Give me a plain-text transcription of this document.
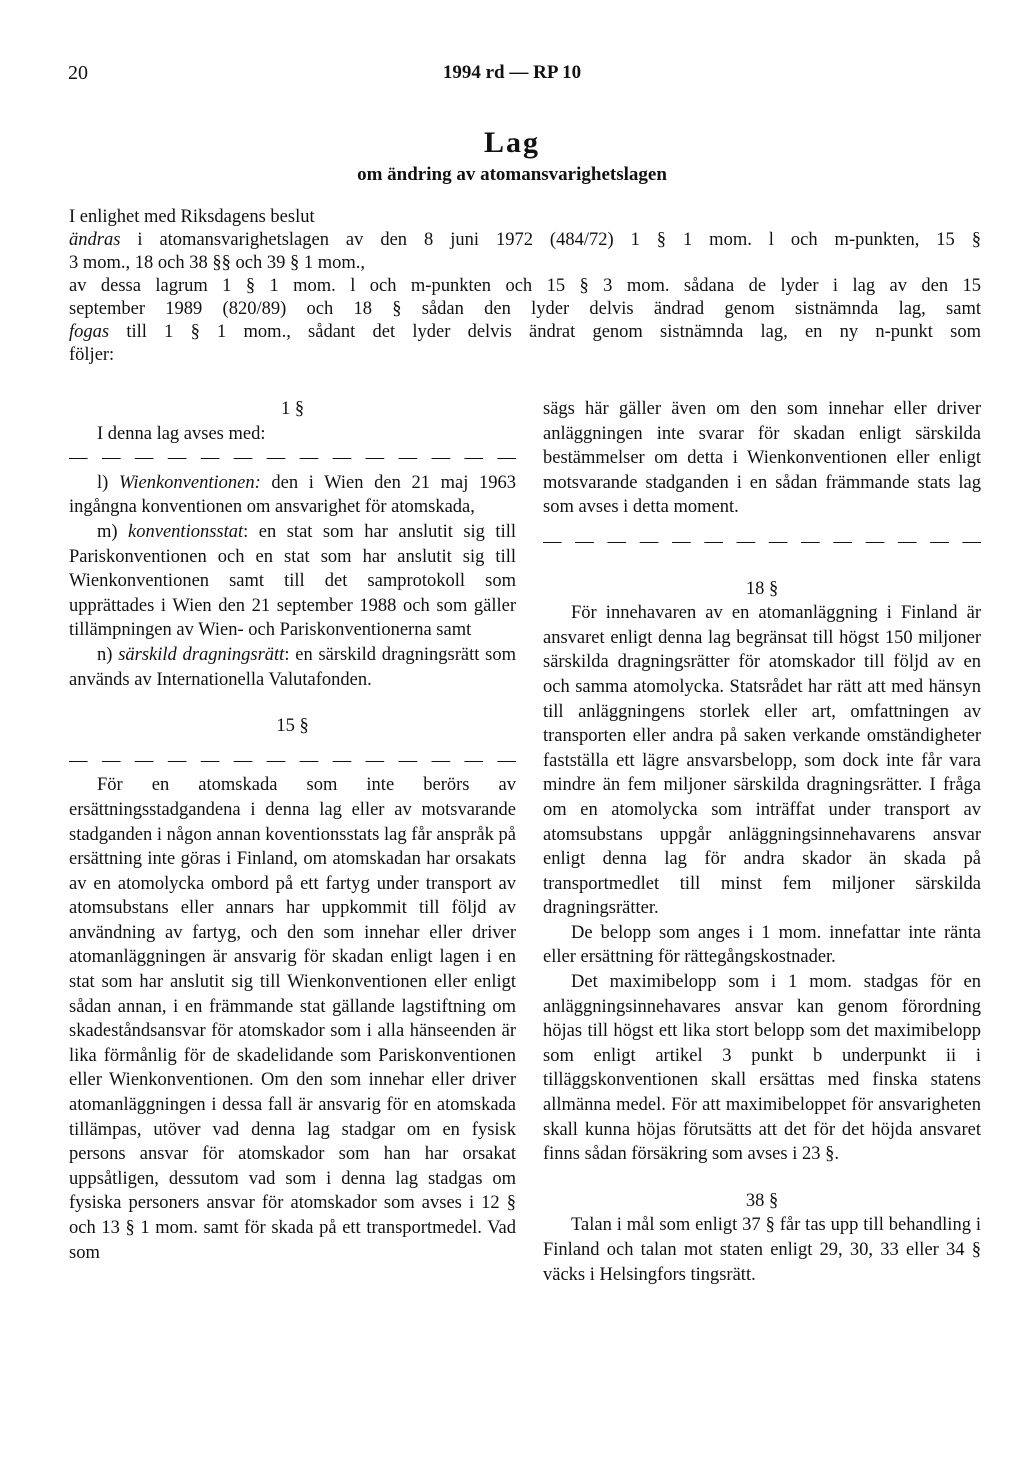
20	1994 rd — RP 10
Lag
om ändring av atomansvarighetslagen
I enlighet med Riksdagens beslut
ändras i atomansvarighetslagen av den 8 juni 1972 (484/72) 1 § 1 mom. l och m-punkten, 15 §
3 mom., 18 och 38 §§ och 39 § 1 mom.,
av dessa lagrum 1 § 1 mom. l och m-punkten och 15 § 3 mom. sådana de lyder i lag av den 15
september 1989 (820/89) och 18 § sådan den lyder delvis ändrad genom sistnämnda lag, samt
fogas till 1 § 1 mom., sådant det lyder delvis ändrat genom sistnämnda lag, en ny n-punkt som
följer:
1 §

I denna lag avses med:

— — — — — — — — — — — — — —

l) Wienkonventionen: den i Wien den 21 maj 1963 ingångna konventionen om ansvarighet för atomskada,

m) konventionsstat: en stat som har anslutit sig till Pariskonventionen och en stat som har anslutit sig till Wienkonventionen samt till det samprotokoll som upprättades i Wien den 21 september 1988 och som gäller tillämpningen av Wien- och Pariskonventionerna samt

n) särskild dragningsrätt: en särskild dragningsrätt som används av Internationella Valutafonden.

15 §
— — — — — — — — — — — — — —

För en atomskada som inte berörs av ersättningsstadgandena i denna lag eller av motsvarande stadganden i någon annan koventionsstats lag får anspråk på ersättning inte göras i Finland, om atomskadan har orsakats av en atomolycka ombord på ett fartyg under transport av atomsubstans eller annars har uppkommit till följd av användning av fartyg, och den som innehar eller driver atomanläggningen är ansvarig för skadan enligt lagen i en stat som har anslutit sig till Wienkonventionen eller enligt sådan annan, i en främmande stat gällande lagstiftning om skadeståndsansvar för atomskador som i alla hänseenden är lika förmånlig för de skadelidande som Pariskonventionen eller Wienkonventionen. Om den som innehar eller driver atomanläggningen i dessa fall är ansvarig för en atomskada tillämpas, utöver vad denna lag stadgar om en fysisk persons ansvar för atomskador som han har orsakat uppsåtligen, dessutom vad som i denna lag stadgas om fysiska personers ansvar för atomskador som avses i 12 § och 13 § 1 mom. samt för skada på ett transportmedel. Vad som

sägs här gäller även om den som innehar eller driver anläggningen inte svarar för skadan enligt särskilda bestämmelser om detta i Wienkonventionen eller enligt motsvarande stadganden i en sådan främmande stats lag som avses i detta moment.

— — — — — — — — — — — — — —
18 §

För innehavaren av en atomanläggning i Finland är ansvaret enligt denna lag begränsat till högst 150 miljoner särskilda dragningsrätter för atomskador till följd av en och samma atomolycka. Statsrådet har rätt att med hänsyn till anläggningens storlek eller art, omfattningen av transporten eller andra på saken verkande omständigheter fastställa ett lägre ansvarsbelopp, som dock inte får vara mindre än fem miljoner särskilda dragningsrätter. I fråga om en atomolycka som inträffat under transport av atomsubstans uppgår anläggningsinnehavarens ansvar enligt denna lag för andra skador än skada på transportmedlet till minst fem miljoner särskilda dragningsrätter.

De belopp som anges i 1 mom. innefattar inte ränta eller ersättning för rättegångskostnader.

Det maximibelopp som i 1 mom. stadgas för en anläggningsinnehavares ansvar kan genom förordning höjas till högst ett lika stort belopp som det maximibelopp som enligt artikel 3 punkt b underpunkt ii i tilläggskonventionen skall ersättas med finska statens allmänna medel. För att maximibeloppet för ansvarigheten skall kunna höjas förutsätts att det för det höjda ansvaret finns sådan försäkring som avses i 23 §.

38 §

Talan i mål som enligt 37 § får tas upp till behandling i Finland och talan mot staten enligt 29, 30, 33 eller 34 § väcks i Helsingfors tingsrätt.
